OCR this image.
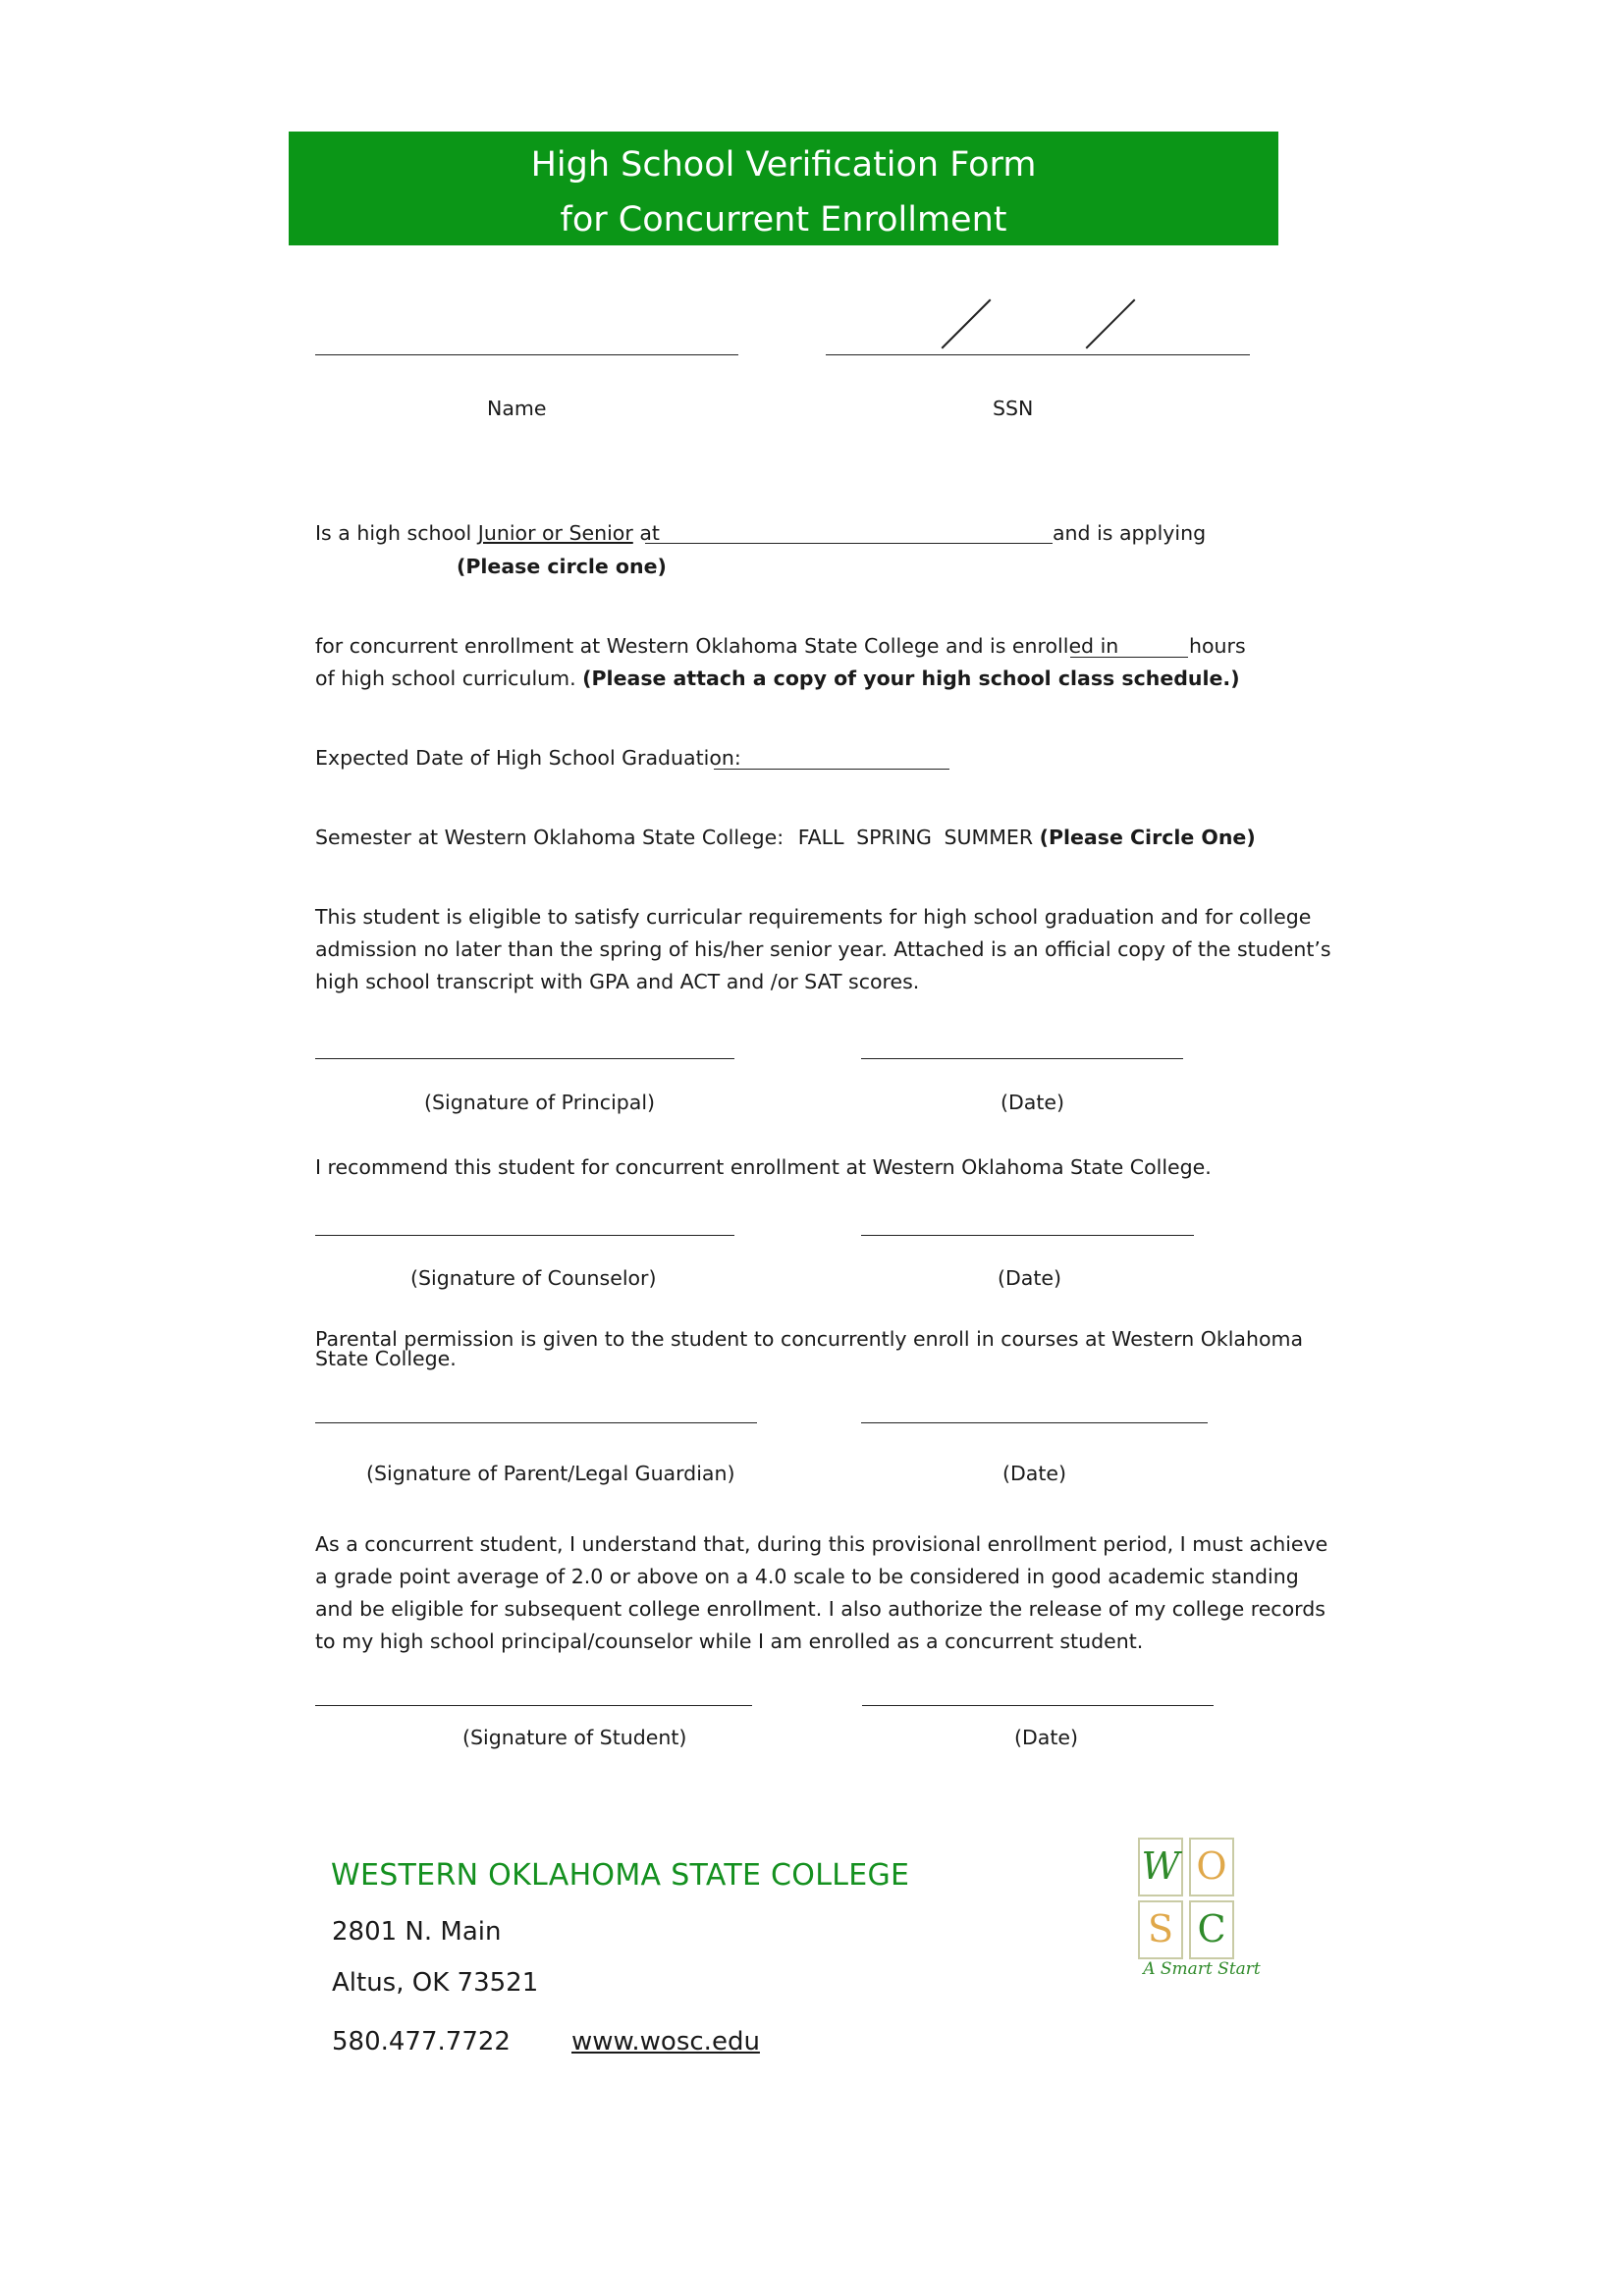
High School Verification Form
for Concurrent Enrollment
Name	SSN
Is a high school Junior or Senior at	and is applying
(Please circle one)
for concurrent enrollment at Western Oklahoma State College and is enrolled in	hours
of high school curriculum. (Please attach a copy of your high school class schedule.)
Expected Date of High School Graduation:
Semester at Western Oklahoma State College: FALL SPRING SUMMER (Please Circle One)
This student is eligible to satisfy curricular requirements for high school graduation and for college
admission no later than the spring of his/her senior year. Attached is an official copy of the student’s
high school transcript with GPA and ACT and /or SAT scores.
(Signature of Principal)	(Date)
I recommend this student for concurrent enrollment at Western Oklahoma State College.
(Signature of Counselor)	(Date)
Parental permission is given to the student to concurrently enroll in courses at Western Oklahoma
State College.
(Signature of Parent/Legal Guardian)	(Date)
As a concurrent student, I understand that, during this provisional enrollment period, I must achieve
a grade point average of 2.0 or above on a 4.0 scale to be considered in good academic standing
and be eligible for subsequent college enrollment. I also authorize the release of my college records
to my high school principal/counselor while I am enrolled as a concurrent student.
(Signature of Student)	(Date)
WESTERN OKLAHOMA STATE COLLEGE
2801 N. Main
Altus, OK 73521
580.477.7722 www.wosc.edu
W O
S C
A Smart Start
